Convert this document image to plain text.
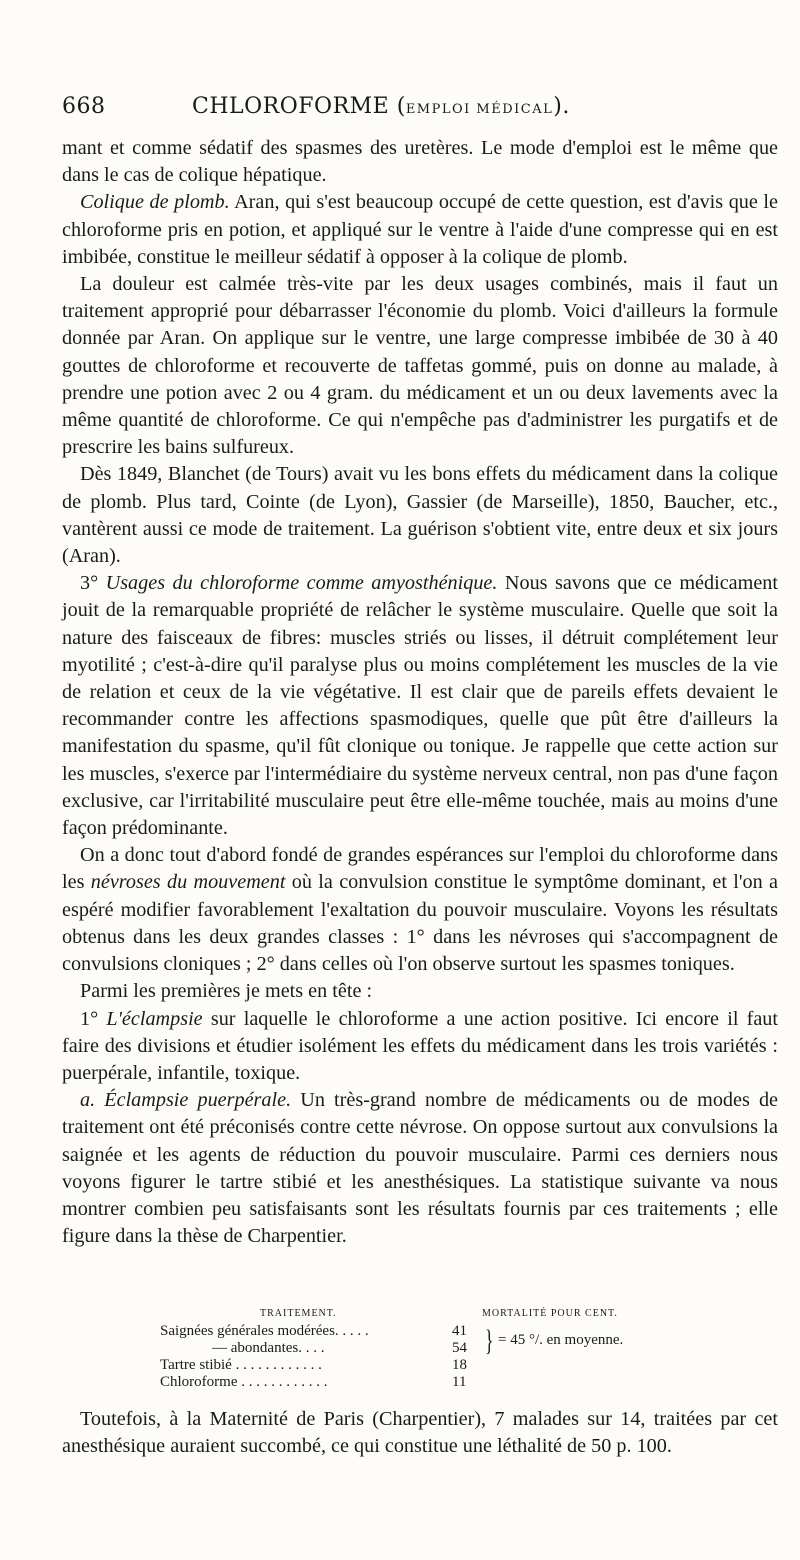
668	CHLOROFORME (EMPLOI MÉDICAL).

mant et comme sédatif des spasmes des uretères. Le mode d'emploi est le même que dans le cas de colique hépatique.

Colique de plomb. Aran, qui s'est beaucoup occupé de cette question, est d'avis que le chloroforme pris en potion, et appliqué sur le ventre à l'aide d'une compresse qui en est imbibée, constitue le meilleur sédatif à opposer à la colique de plomb.

La douleur est calmée très-vite par les deux usages combinés, mais il faut un traitement approprié pour débarrasser l'économie du plomb. Voici d'ailleurs la formule donnée par Aran. On applique sur le ventre, une large compresse imbibée de 30 à 40 gouttes de chloroforme et recouverte de taffetas gommé, puis on donne au malade, à prendre une potion avec 2 ou 4 gram. du médicament et un ou deux lavements avec la même quantité de chloroforme. Ce qui n'empêche pas d'administrer les purgatifs et de prescrire les bains sulfureux.

Dès 1849, Blanchet (de Tours) avait vu les bons effets du médicament dans la colique de plomb. Plus tard, Cointe (de Lyon), Gassier (de Marseille), 1850, Baucher, etc., vantèrent aussi ce mode de traitement. La guérison s'obtient vite, entre deux et six jours (Aran).

3° Usages du chloroforme comme amyosthénique. Nous savons que ce médicament jouit de la remarquable propriété de relâcher le système musculaire. Quelle que soit la nature des faisceaux de fibres: muscles striés ou lisses, il détruit complétement leur myotilité ; c'est-à-dire qu'il paralyse plus ou moins complétement les muscles de la vie de relation et ceux de la vie végétative. Il est clair que de pareils effets devaient le recommander contre les affections spasmodiques, quelle que pût être d'ailleurs la manifestation du spasme, qu'il fût clonique ou tonique. Je rappelle que cette action sur les muscles, s'exerce par l'intermédiaire du système nerveux central, non pas d'une façon exclusive, car l'irritabilité musculaire peut être elle-même touchée, mais au moins d'une façon prédominante.

On a donc tout d'abord fondé de grandes espérances sur l'emploi du chloroforme dans les névroses du mouvement où la convulsion constitue le symptôme dominant, et l'on a espéré modifier favorablement l'exaltation du pouvoir musculaire. Voyons les résultats obtenus dans les deux grandes classes : 1° dans les névroses qui s'accompagnent de convulsions cloniques ; 2° dans celles où l'on observe surtout les spasmes toniques.

Parmi les premières je mets en tête :

1° L'éclampsie sur laquelle le chloroforme a une action positive. Ici encore il faut faire des divisions et étudier isolément les effets du médicament dans les trois variétés : puerpérale, infantile, toxique.

a. Éclampsie puerpérale. Un très-grand nombre de médicaments ou de modes de traitement ont été préconisés contre cette névrose. On oppose surtout aux convulsions la saignée et les agents de réduction du pouvoir musculaire. Parmi ces derniers nous voyons figurer le tartre stibié et les anesthésiques. La statistique suivante va nous montrer combien peu satisfaisants sont les résultats fournis par ces traitements ; elle figure dans la thèse de Charpentier.

TRAITEMENT.	MORTALITÉ POUR CENT.
Saignées générales modérées. . . . .	41
— abondantes. . . .	54
Tartre stibié . . . . . . . . . . . .	18
Chloroforme . . . . . . . . . . . .	11
} = 45 °/. en moyenne.

Toutefois, à la Maternité de Paris (Charpentier), 7 malades sur 14, traitées par cet anesthésique auraient succombé, ce qui constitue une léthalité de 50 p. 100.
